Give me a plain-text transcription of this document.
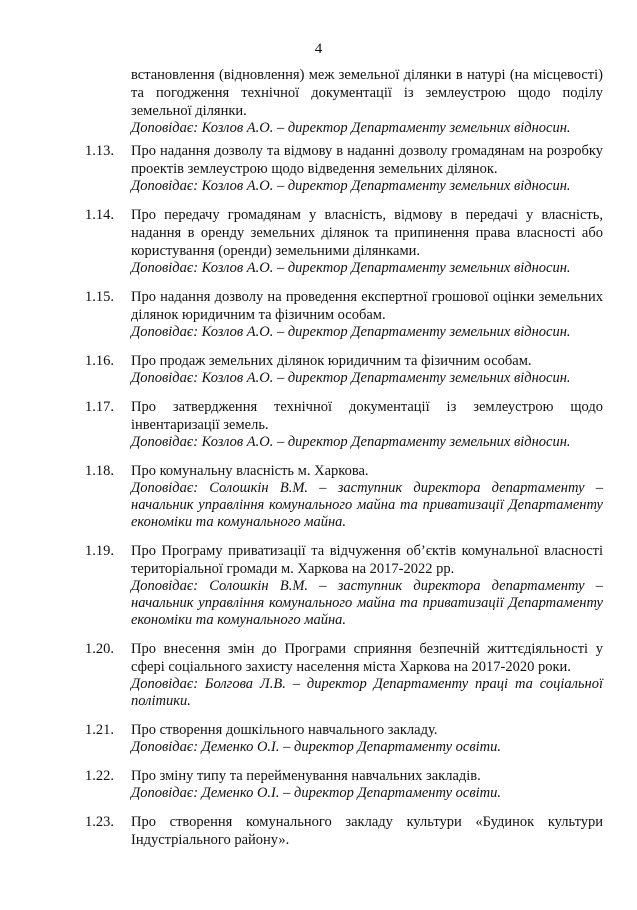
4

встановлення (відновлення) меж земельної ділянки в натурі (на місцевості) та погодження технічної документації із землеустрою щодо поділу земельної ділянки.

Доповідає: Козлов А.О. – директор Департаменту земельних відносин.

1.13. Про надання дозволу та відмову в наданні дозволу громадянам на розробку проектів землеустрою щодо відведення земельних ділянок.

Доповідає: Козлов А.О. – директор Департаменту земельних відносин.

1.14. Про передачу громадянам у власність, відмову в передачі у власність, надання в оренду земельних ділянок та припинення права власності або користування (оренди) земельними ділянками.

Доповідає: Козлов А.О. – директор Департаменту земельних відносин.

1.15. Про надання дозволу на проведення експертної грошової оцінки земельних ділянок юридичним та фізичним особам.

Доповідає: Козлов А.О. – директор Департаменту земельних відносин.

1.16. Про продаж земельних ділянок юридичним та фізичним особам.

Доповідає: Козлов А.О. – директор Департаменту земельних відносин.

1.17. Про затвердження технічної документації із землеустрою щодо інвентаризації земель.

Доповідає: Козлов А.О. – директор Департаменту земельних відносин.

1.18. Про комунальну власність м. Харкова.

Доповідає: Солошкін В.М. – заступник директора департаменту – начальник управління комунального майна та приватизації Департаменту економіки та комунального майна.

1.19. Про Програму приватизації та відчуження об’єктів комунальної власності територіальної громади м. Харкова на 2017-2022 рр.

Доповідає: Солошкін В.М. – заступник директора департаменту – начальник управління комунального майна та приватизації Департаменту економіки та комунального майна.

1.20. Про внесення змін до Програми сприяння безпечній життєдіяльності у сфері соціального захисту населення міста Харкова на 2017-2020 роки.

Доповідає: Болгова Л.В. – директор Департаменту праці та соціальної політики.

1.21. Про створення дошкільного навчального закладу.

Доповідає: Деменко О.І. – директор Департаменту освіти.

1.22. Про зміну типу та перейменування навчальних закладів.

Доповідає: Деменко О.І. – директор Департаменту освіти.

1.23. Про створення комунального закладу культури «Будинок культури Індустріального району».
